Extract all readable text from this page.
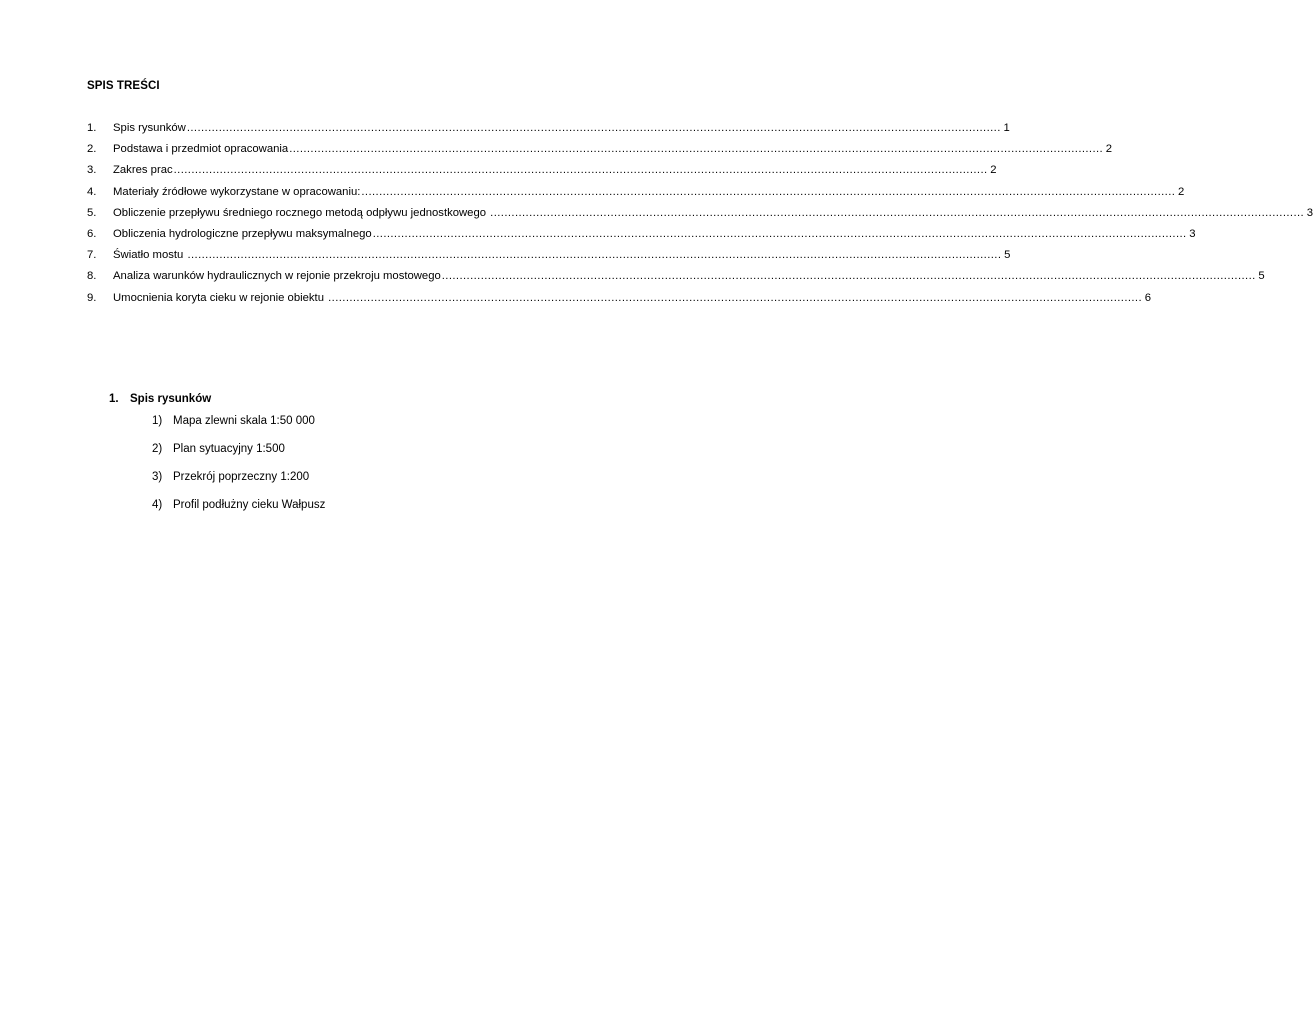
SPIS TREŚCI
1.	Spis rysunków ...................................................................................................................................................................................................................................... 1
2.	Podstawa i przedmiot opracowania ...................................................................................................................................................................................................................................... 2
3.	Zakres prac ...................................................................................................................................................................................................................................... 2
4.	Materiały źródłowe wykorzystane w opracowaniu: ...................................................................................................................................................................................................................................... 2
5.	Obliczenie przepływu średniego rocznego metodą odpływu jednostkowego ...................................................................................................................................................................................................................................... 3
6.	Obliczenia hydrologiczne przepływu maksymalnego ...................................................................................................................................................................................................................................... 3
7.	Światło mostu ...................................................................................................................................................................................................................................... 5
8.	Analiza warunków hydraulicznych w rejonie przekroju mostowego ...................................................................................................................................................................................................................................... 5
9.	Umocnienia koryta cieku w rejonie obiektu ...................................................................................................................................................................................................................................... 6
1. Spis rysunków
1) Mapa zlewni skala 1:50 000
2) Plan sytuacyjny 1:500
3) Przekrój poprzeczny 1:200
4) Profil podłużny cieku Wałpusz
